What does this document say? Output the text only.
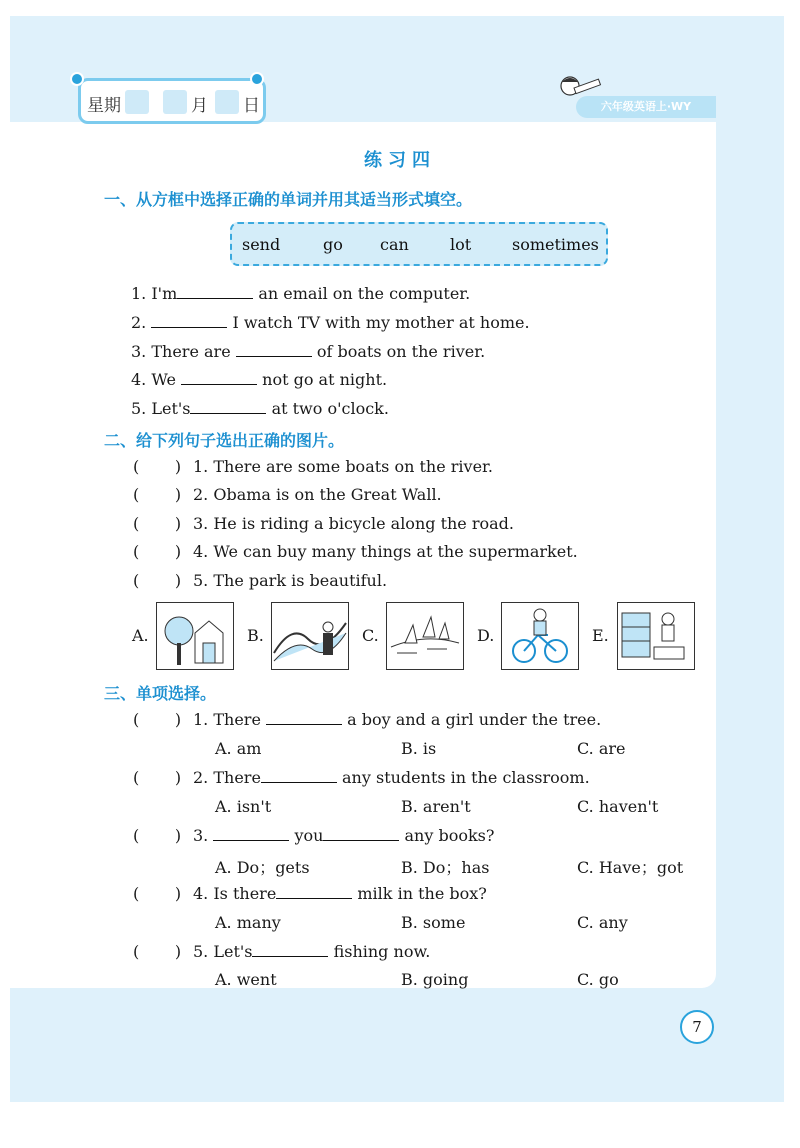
星期	月 日	六年级英语上·WY
练习四
一、从方框中选择正确的单词并用其适当形式填空。
send	go can	lot	sometimes
1. I'm	an email on the computer.
2.	I watch TV with my mother at home.
3. There are	of boats on the river.
4. We	not go at night.
5. Let's	at two o'clock.
二、给下列句子选出正确的图片。
(       ) 1. There are some boats on the river.
(       ) 2. Obama is on the Great Wall.
(       ) 3. He is riding a bicycle along the road.
(       ) 4. We can buy many things at the supermarket.
(       ) 5. The park is beautiful.
A.	B.	C.	D.	E.
三、单项选择。
(       ) 1. There	a boy and a girl under the tree.
A. am	B. is	C. are
(       ) 2. There	any students in the classroom.
A. isn't	B. aren't	C. haven't
(       ) 3.	you	any books?
A. Do；gets	B. Do；has	C. Have；got
(       ) 4. Is there	milk in the box?
A. many	B. some	C. any
(       ) 5. Let's	fishing now.
A. went	B. going	C. go
7
